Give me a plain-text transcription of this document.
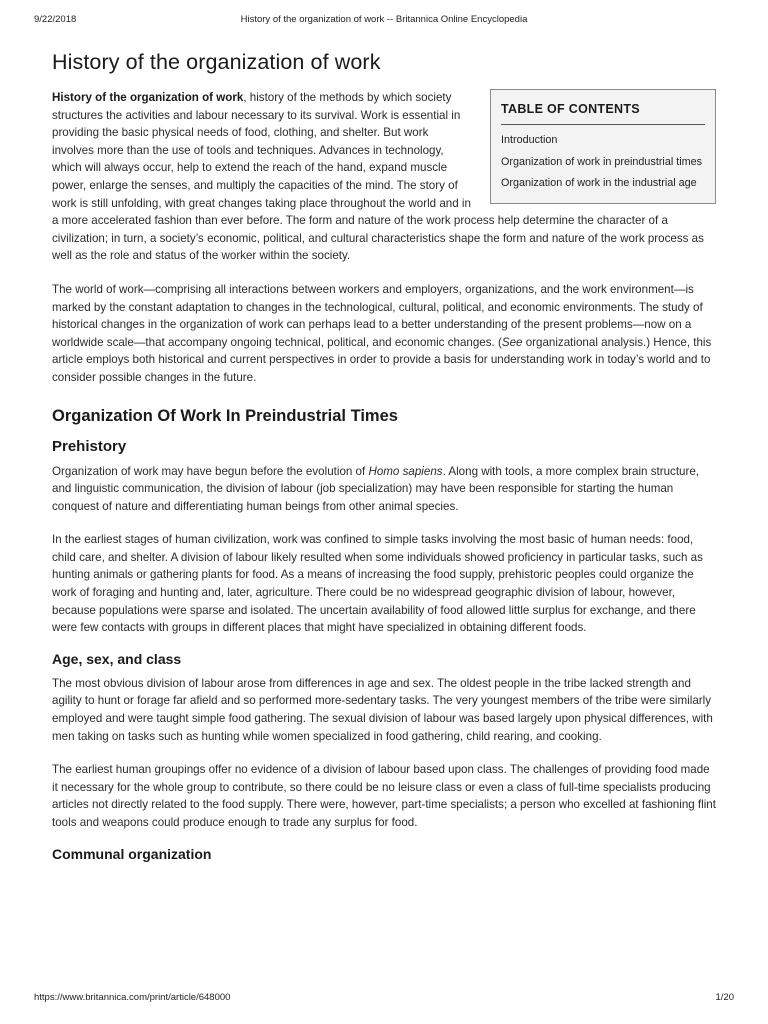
9/22/2018	History of the organization of work -- Britannica Online Encyclopedia
History of the organization of work
TABLE OF CONTENTS
Introduction
Organization of work in preindustrial times
Organization of work in the industrial age

History of the organization of work, history of the methods by which society structures the activities and labour necessary to its survival. Work is essential in providing the basic physical needs of food, clothing, and shelter. But work involves more than the use of tools and techniques. Advances in technology, which will always occur, help to extend the reach of the hand, expand muscle power, enlarge the senses, and multiply the capacities of the mind. The story of work is still unfolding, with great changes taking place throughout the world and in a more accelerated fashion than ever before. The form and nature of the work process help determine the character of a civilization; in turn, a society’s economic, political, and cultural characteristics shape the form and nature of the work process as well as the role and status of the worker within the society.

The world of work—comprising all interactions between workers and employers, organizations, and the work environment—is marked by the constant adaptation to changes in the technological, cultural, political, and economic environments. The study of historical changes in the organization of work can perhaps lead to a better understanding of the present problems—now on a worldwide scale—that accompany ongoing technical, political, and economic changes. (See organizational analysis.) Hence, this article employs both historical and current perspectives in order to provide a basis for understanding work in today’s world and to consider possible changes in the future.

Organization Of Work In Preindustrial Times
Prehistory

Organization of work may have begun before the evolution of Homo sapiens. Along with tools, a more complex brain structure, and linguistic communication, the division of labour (job specialization) may have been responsible for starting the human conquest of nature and differentiating human beings from other animal species.

In the earliest stages of human civilization, work was confined to simple tasks involving the most basic of human needs: food, child care, and shelter. A division of labour likely resulted when some individuals showed proficiency in particular tasks, such as hunting animals or gathering plants for food. As a means of increasing the food supply, prehistoric peoples could organize the work of foraging and hunting and, later, agriculture. There could be no widespread geographic division of labour, however, because populations were sparse and isolated. The uncertain availability of food allowed little surplus for exchange, and there were few contacts with groups in different places that might have specialized in obtaining different foods.

Age, sex, and class

The most obvious division of labour arose from differences in age and sex. The oldest people in the tribe lacked strength and agility to hunt or forage far afield and so performed more-sedentary tasks. The very youngest members of the tribe were similarly employed and were taught simple food gathering. The sexual division of labour was based largely upon physical differences, with men taking on tasks such as hunting while women specialized in food gathering, child rearing, and cooking.

The earliest human groupings offer no evidence of a division of labour based upon class. The challenges of providing food made it necessary for the whole group to contribute, so there could be no leisure class or even a class of full-time specialists producing articles not directly related to the food supply. There were, however, part-time specialists; a person who excelled at fashioning flint tools and weapons could produce enough to trade any surplus for food.

Communal organization
https://www.britannica.com/print/article/648000	1/20
